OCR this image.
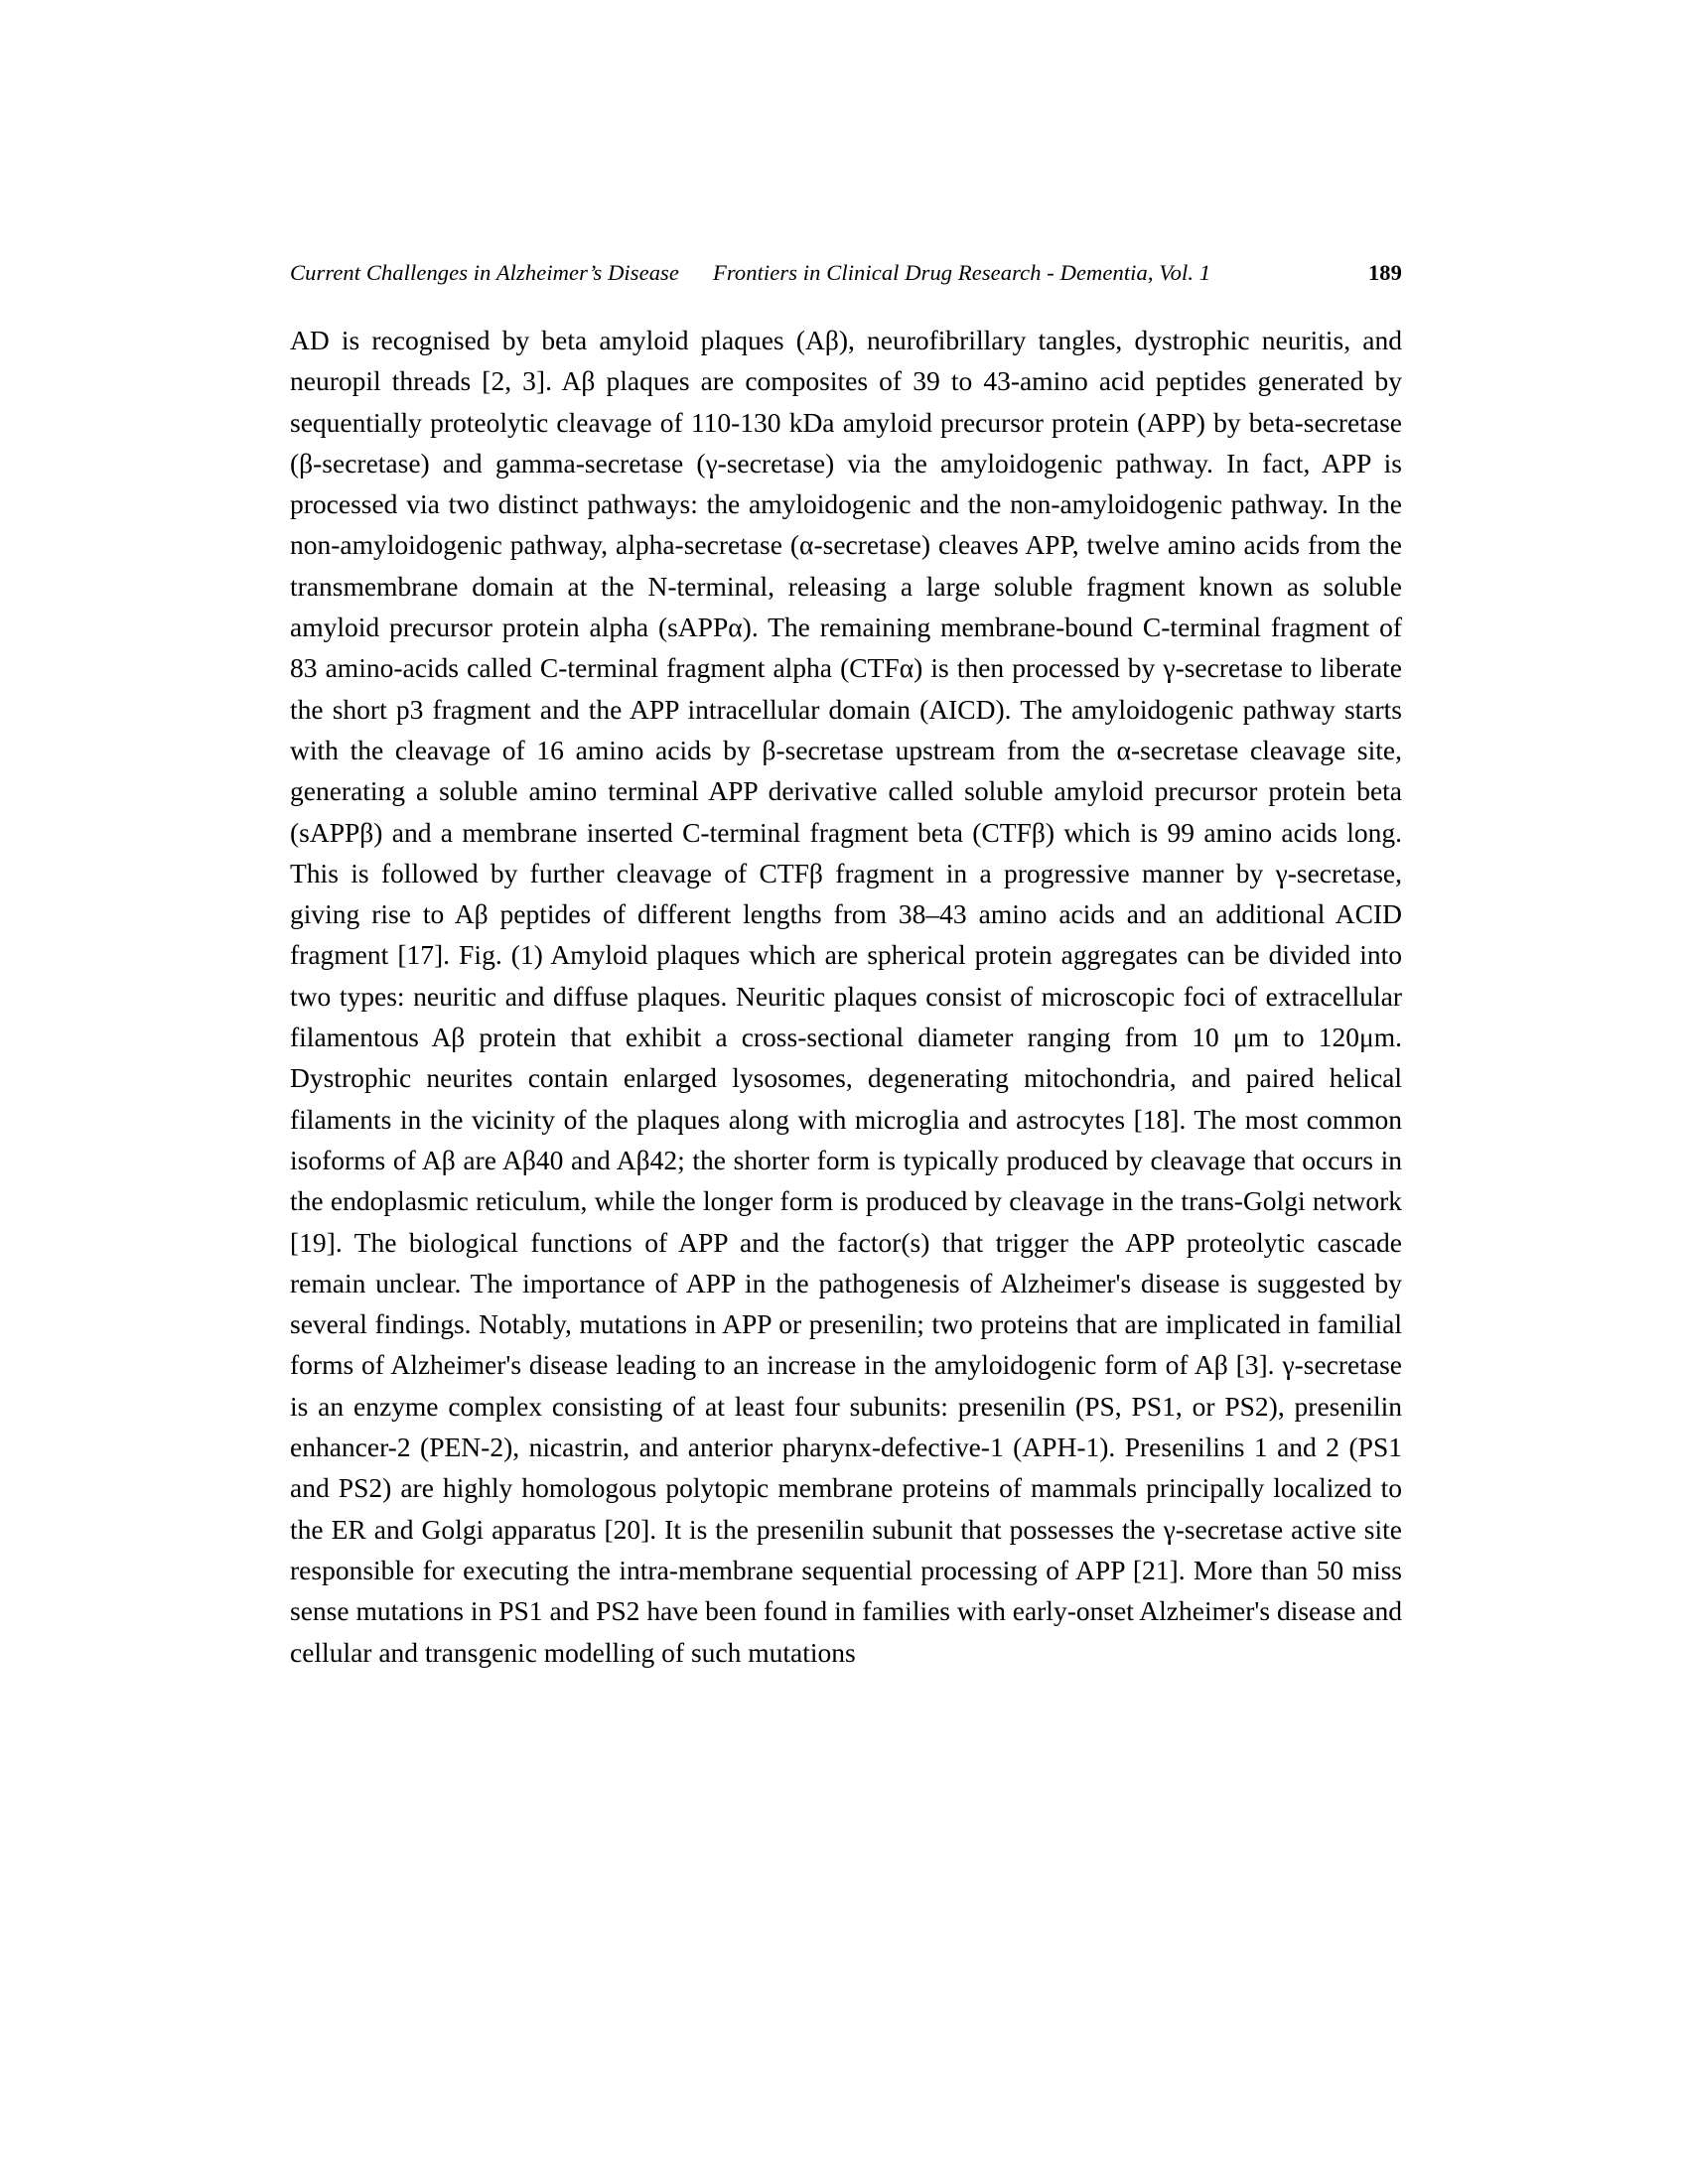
Current Challenges in Alzheimer’s Disease Frontiers in Clinical Drug Research - Dementia, Vol. 1	189
AD is recognised by beta amyloid plaques (Aβ), neurofibrillary tangles, dystrophic neuritis, and neuropil threads [2, 3]. Aβ plaques are composites of 39 to 43-amino acid peptides generated by sequentially proteolytic cleavage of 110-130 kDa amyloid precursor protein (APP) by beta-secretase (β-secretase) and gamma-secretase (γ-secretase) via the amyloidogenic pathway. In fact, APP is processed via two distinct pathways: the amyloidogenic and the non-amyloidogenic pathway. In the non-amyloidogenic pathway, alpha-secretase (α-secretase) cleaves APP, twelve amino acids from the transmembrane domain at the N-terminal, releasing a large soluble fragment known as soluble amyloid precursor protein alpha (sAPPα). The remaining membrane-bound C-terminal fragment of 83 amino-acids called C-terminal fragment alpha (CTFα) is then processed by γ-secretase to liberate the short p3 fragment and the APP intracellular domain (AICD). The amyloidogenic pathway starts with the cleavage of 16 amino acids by β-secretase upstream from the α-secretase cleavage site, generating a soluble amino terminal APP derivative called soluble amyloid precursor protein beta (sAPPβ) and a membrane inserted C-terminal fragment beta (CTFβ) which is 99 amino acids long. This is followed by further cleavage of CTFβ fragment in a progressive manner by γ-secretase, giving rise to Aβ peptides of different lengths from 38–43 amino acids and an additional ACID fragment [17]. Fig. (1) Amyloid plaques which are spherical protein aggregates can be divided into two types: neuritic and diffuse plaques. Neuritic plaques consist of microscopic foci of extracellular filamentous Aβ protein that exhibit a cross-sectional diameter ranging from 10 μm to 120μm. Dystrophic neurites contain enlarged lysosomes, degenerating mitochondria, and paired helical filaments in the vicinity of the plaques along with microglia and astrocytes [18]. The most common isoforms of Aβ are Aβ40 and Aβ42; the shorter form is typically produced by cleavage that occurs in the endoplasmic reticulum, while the longer form is produced by cleavage in the trans-Golgi network [19]. The biological functions of APP and the factor(s) that trigger the APP proteolytic cascade remain unclear. The importance of APP in the pathogenesis of Alzheimer's disease is suggested by several findings. Notably, mutations in APP or presenilin; two proteins that are implicated in familial forms of Alzheimer's disease leading to an increase in the amyloidogenic form of Aβ [3]. γ-secretase is an enzyme complex consisting of at least four subunits: presenilin (PS, PS1, or PS2), presenilin enhancer-2 (PEN-2), nicastrin, and anterior pharynx-defective-1 (APH-1). Presenilins 1 and 2 (PS1 and PS2) are highly homologous polytopic membrane proteins of mammals principally localized to the ER and Golgi apparatus [20]. It is the presenilin subunit that possesses the γ-secretase active site responsible for executing the intra-membrane sequential processing of APP [21]. More than 50 miss sense mutations in PS1 and PS2 have been found in families with early-onset Alzheimer's disease and cellular and transgenic modelling of such mutations
